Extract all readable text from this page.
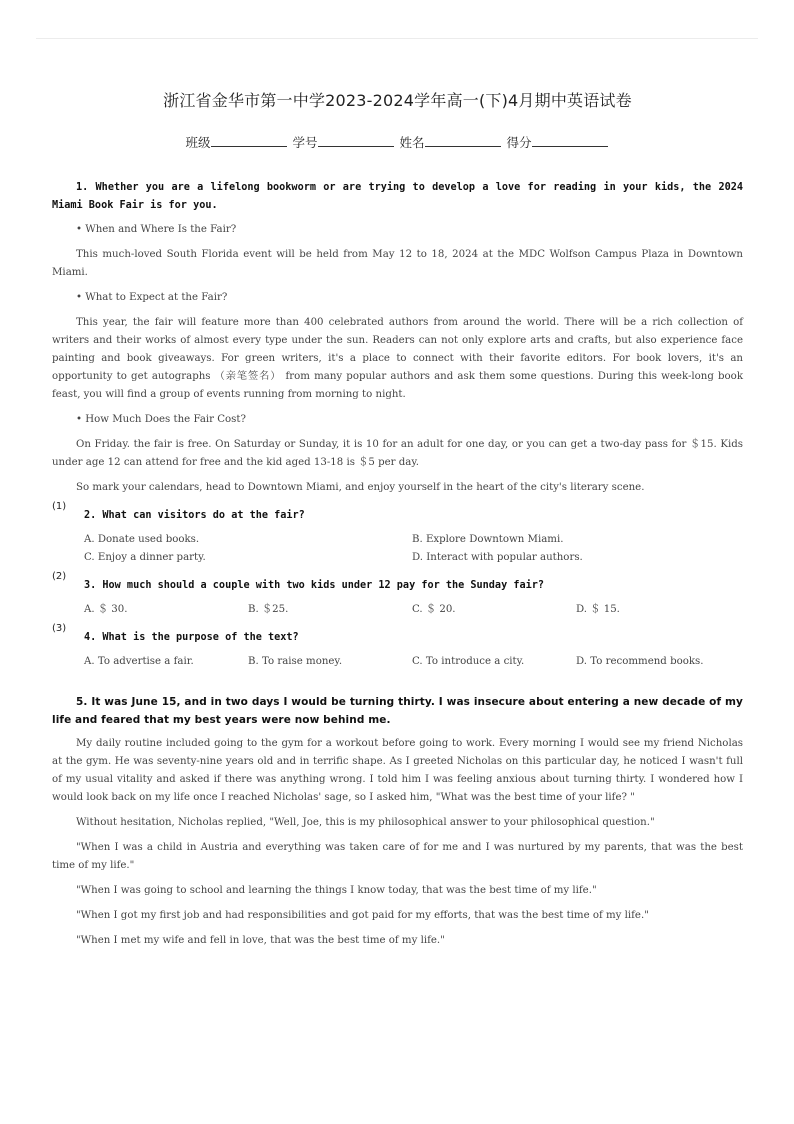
浙江省金华市第一中学2023-2024学年高一(下)4月期中英语试卷
班级	学号	姓名	得分

1. Whether you are a lifelong bookworm or are trying to develop a love for reading in your kids, the 2024 Miami Book Fair is for you.

• When and Where Is the Fair?

This much-loved South Florida event will be held from May 12 to 18, 2024 at the MDC Wolfson Campus Plaza in Downtown Miami.

• What to Expect at the Fair?

This year, the fair will feature more than 400 celebrated authors from around the world. There will be a rich collection of writers and their works of almost every type under the sun. Readers can not only explore arts and crafts, but also experience face painting and book giveaways. For green writers, it's a place to connect with their favorite editors. For book lovers, it's an opportunity to get autographs （亲笔签名） from many popular authors and ask them some questions. During this week-long book feast, you will find a group of events running from morning to night.

• How Much Does the Fair Cost?

On Friday. the fair is free. On Saturday or Sunday, it is 10 for an adult for one day, or you can get a two-day pass for ＄15. Kids under age 12 can attend for free and the kid aged 13-18 is ＄5 per day.

So mark your calendars, head to Downtown Miami, and enjoy yourself in the heart of the city's literary scene.

(1)
2. What can visitors do at the fair?
A. Donate used books.	B. Explore Downtown Miami.
C. Enjoy a dinner party.	D. Interact with popular authors.
(2)
3. How much should a couple with two kids under 12 pay for the Sunday fair?
A. ＄ 30.	B. ＄25.	C. ＄ 20.	D. ＄ 15.
(3)
4. What is the purpose of the text?
A. To advertise a fair.	B. To raise money.	C. To introduce a city.	D. To recommend books.

5. It was June 15, and in two days I would be turning thirty. I was insecure about entering a new decade of my life and feared that my best years were now behind me.

My daily routine included going to the gym for a workout before going to work. Every morning I would see my friend Nicholas at the gym. He was seventy-nine years old and in terrific shape. As I greeted Nicholas on this particular day, he noticed I wasn't full of my usual vitality and asked if there was anything wrong. I told him I was feeling anxious about turning thirty. I wondered how I would look back on my life once I reached Nicholas' sage, so I asked him, "What was the best time of your life? "

Without hesitation, Nicholas replied, "Well, Joe, this is my philosophical answer to your philosophical question."

"When I was a child in Austria and everything was taken care of for me and I was nurtured by my parents, that was the best time of my life."

"When I was going to school and learning the things I know today, that was the best time of my life."

"When I got my first job and had responsibilities and got paid for my efforts, that was the best time of my life."

"When I met my wife and fell in love, that was the best time of my life."
